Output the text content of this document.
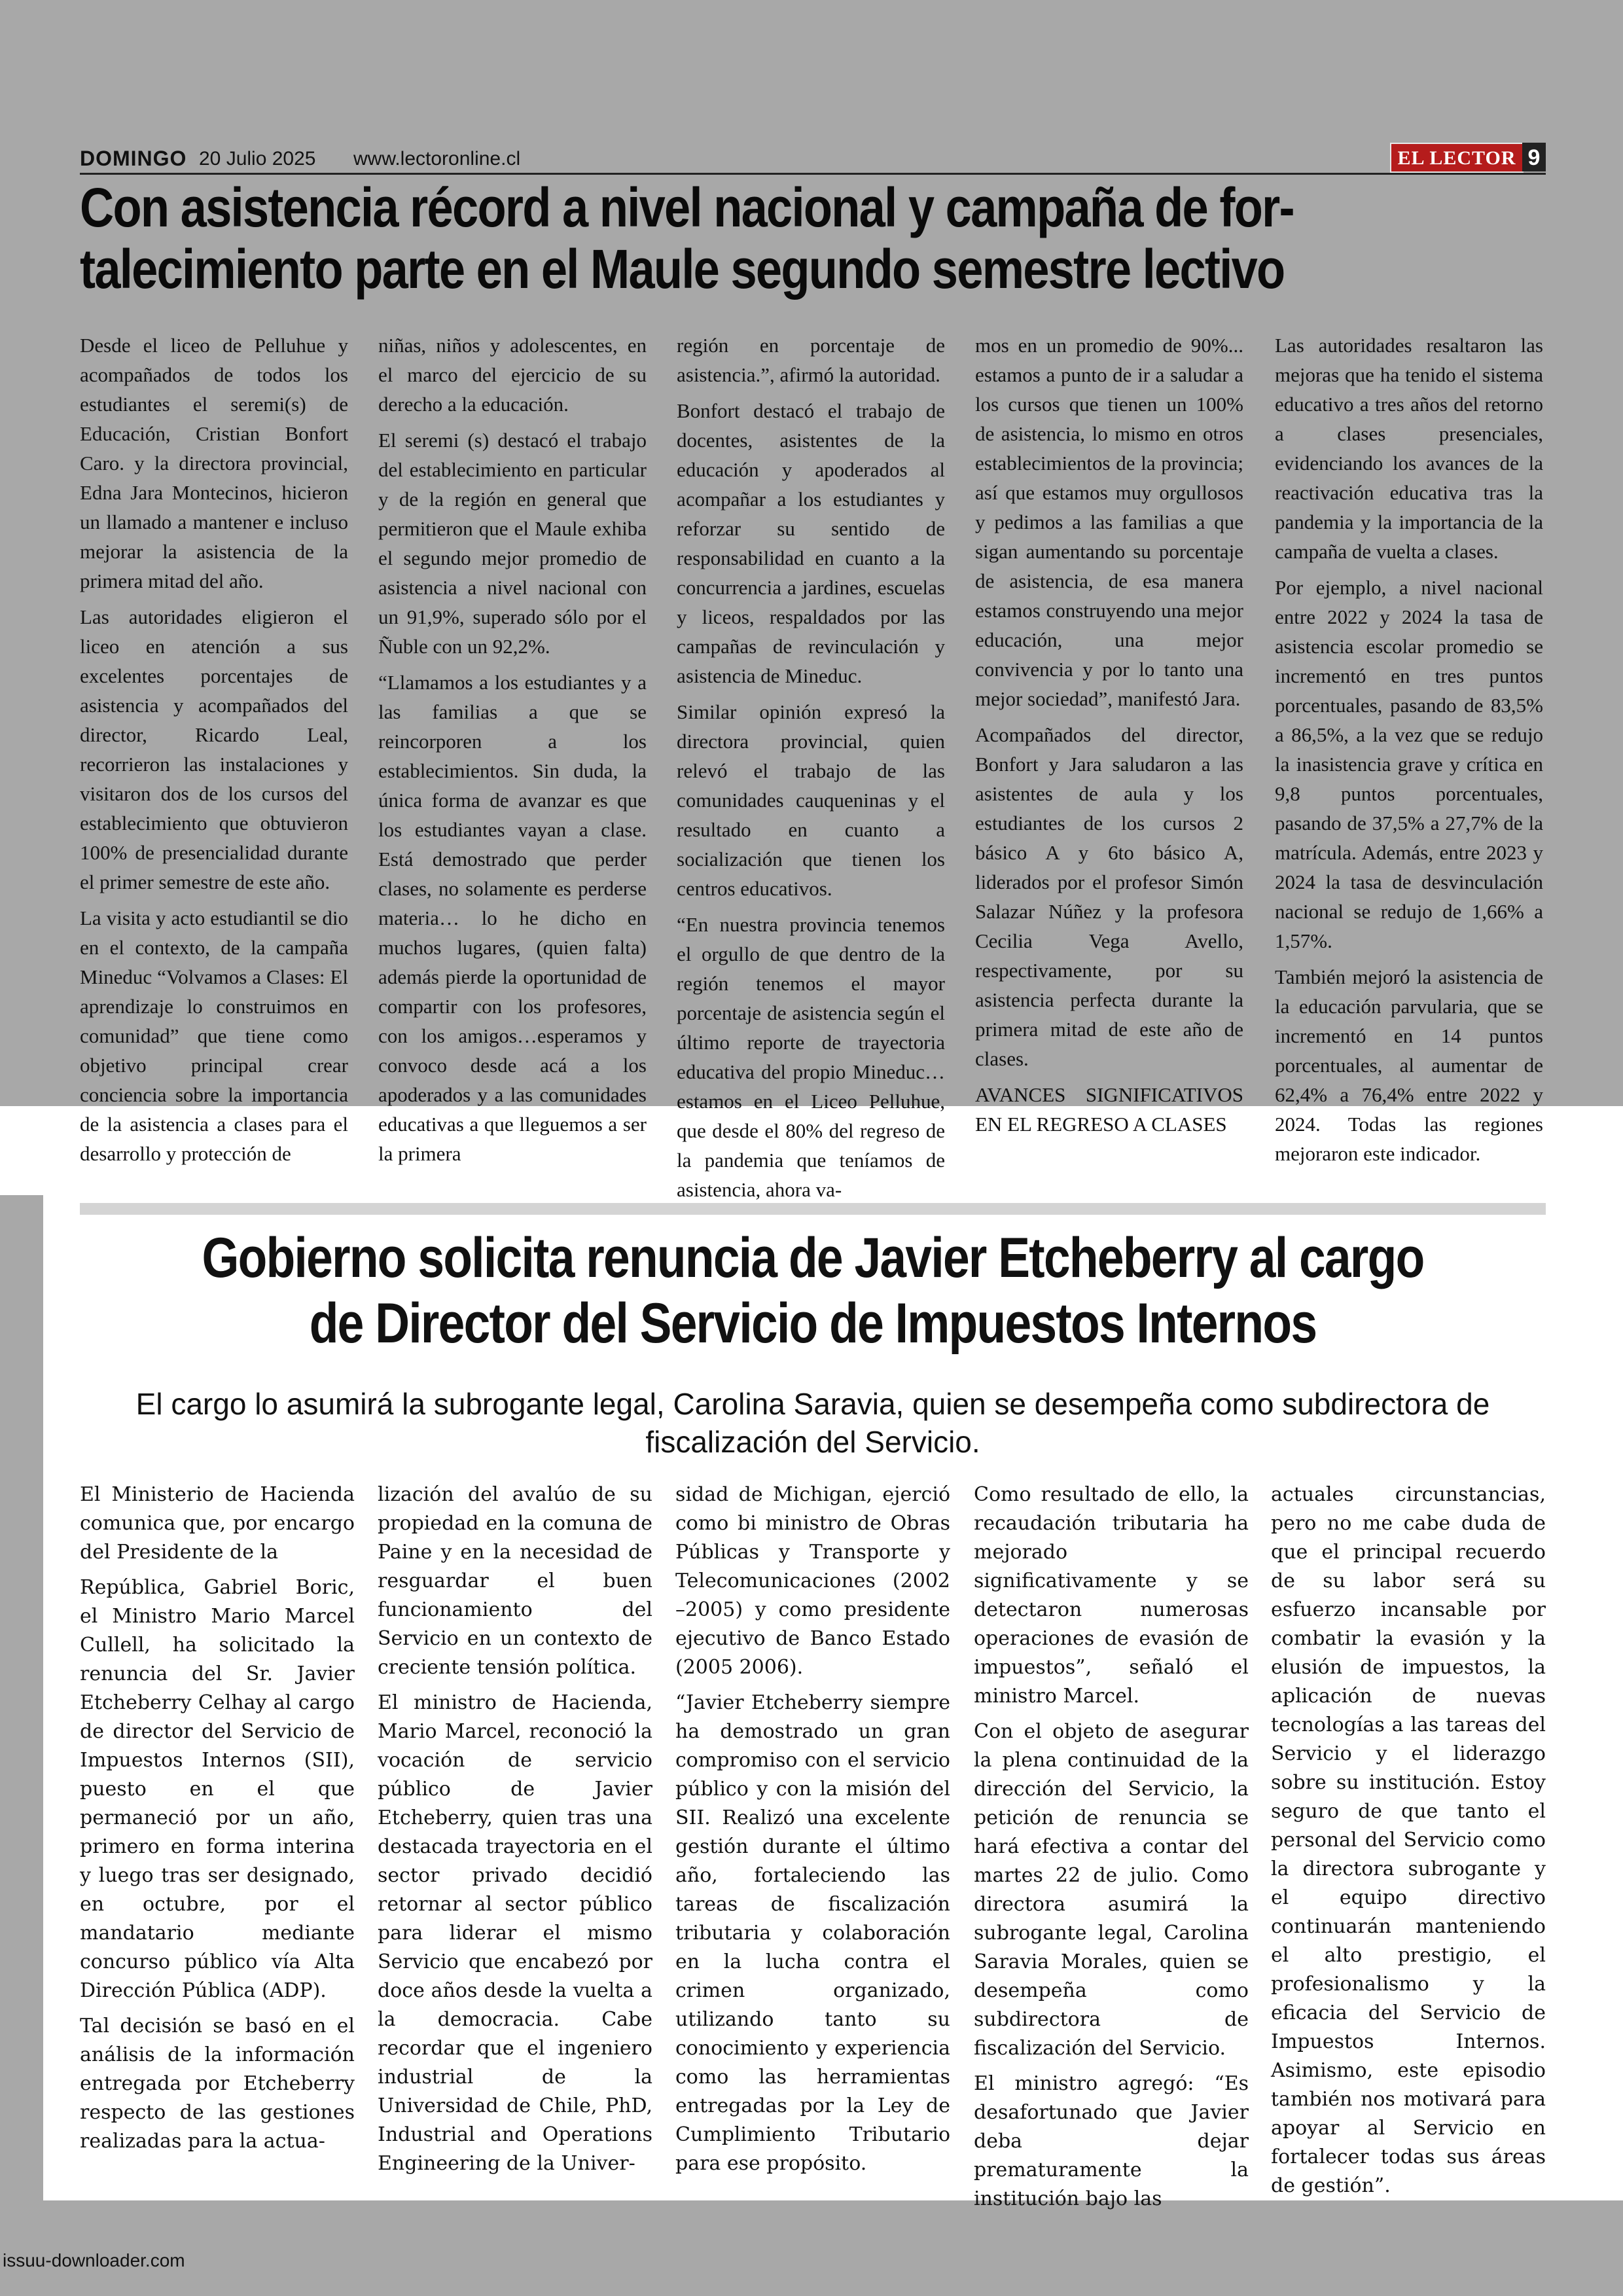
DOMINGO 20 Julio 2025 www.lectoronline.cl	EL LECTOR 9
Con asistencia récord a nivel nacional y campaña de for-
talecimiento parte en el Maule segundo semestre lectivo

Desde el liceo de Pelluhue y acompañados de todos los estudiantes el seremi(s) de Educación, Cristian Bonfort Caro. y la directora provincial, Edna Jara Montecinos, hicieron un llamado a mantener e incluso mejorar la asistencia de la primera mitad del año.

Las autoridades eligieron el liceo en atención a sus excelentes porcentajes de asistencia y acompañados del director, Ricardo Leal, recorrieron las instalaciones y visitaron dos de los cursos del establecimiento que obtuvieron 100% de presencialidad durante el primer semestre de este año.

La visita y acto estudiantil se dio en el contexto, de la campaña Mineduc “Volvamos a Clases: El aprendizaje lo construimos en comunidad” que tiene como objetivo principal crear conciencia sobre la importancia de la asistencia a clases para el desarrollo y protección de

niñas, niños y adolescentes, en el marco del ejercicio de su derecho a la educación.

El seremi (s) destacó el trabajo del establecimiento en particular y de la región en general que permitieron que el Maule exhiba el segundo mejor promedio de asistencia a nivel nacional con un 91,9%, superado sólo por el Ñuble con un 92,2%.

“Llamamos a los estudiantes y a las familias a que se reincorporen a los establecimientos. Sin duda, la única forma de avanzar es que los estudiantes vayan a clase. Está demostrado que perder clases, no solamente es perderse materia… lo he dicho en muchos lugares, (quien falta) además pierde la oportunidad de compartir con los profesores, con los amigos…esperamos y convoco desde acá a los apoderados y a las comunidades educativas a que lleguemos a ser la primera

región en porcentaje de asistencia.”, afirmó la autoridad.

Bonfort destacó el trabajo de docentes, asistentes de la educación y apoderados al acompañar a los estudiantes y reforzar su sentido de responsabilidad en cuanto a la concurrencia a jardines, escuelas y liceos, respaldados por las campañas de revinculación y asistencia de Mineduc.

Similar opinión expresó la directora provincial, quien relevó el trabajo de las comunidades cauqueninas y el resultado en cuanto a socialización que tienen los centros educativos.

“En nuestra provincia tenemos el orgullo de que dentro de la región tenemos el mayor porcentaje de asistencia según el último reporte de trayectoria educativa del propio Mineduc… estamos en el Liceo Pelluhue, que desde el 80% del regreso de la pandemia que teníamos de asistencia, ahora va-

mos en un promedio de 90%... estamos a punto de ir a saludar a los cursos que tienen un 100% de asistencia, lo mismo en otros establecimientos de la provincia; así que estamos muy orgullosos y pedimos a las familias a que sigan aumentando su porcentaje de asistencia, de esa manera estamos construyendo una mejor educación, una mejor convivencia y por lo tanto una mejor sociedad”, manifestó Jara.

Acompañados del director, Bonfort y Jara saludaron a las asistentes de aula y los estudiantes de los cursos 2 básico A y 6to básico A, liderados por el profesor Simón Salazar Núñez y la profesora Cecilia Vega Avello, respectivamente, por su asistencia perfecta durante la primera mitad de este año de clases.

AVANCES SIGNIFICATIVOS EN EL REGRESO A CLASES

Las autoridades resaltaron las mejoras que ha tenido el sistema educativo a tres años del retorno a clases presenciales, evidenciando los avances de la reactivación educativa tras la pandemia y la importancia de la campaña de vuelta a clases.

Por ejemplo, a nivel nacional entre 2022 y 2024 la tasa de asistencia escolar promedio se incrementó en tres puntos porcentuales, pasando de 83,5% a 86,5%, a la vez que se redujo la inasistencia grave y crítica en 9,8 puntos porcentuales, pasando de 37,5% a 27,7% de la matrícula. Además, entre 2023 y 2024 la tasa de desvinculación nacional se redujo de 1,66% a 1,57%.

También mejoró la asistencia de la educación parvularia, que se incrementó en 14 puntos porcentuales, al aumentar de 62,4% a 76,4% entre 2022 y 2024. Todas las regiones mejoraron este indicador.

Gobierno solicita renuncia de Javier Etcheberry al cargo
de Director del Servicio de Impuestos Internos
El cargo lo asumirá la subrogante legal, Carolina Saravia, quien se desempeña como subdirectora de fiscalización del Servicio.

El Ministerio de Hacienda comunica que, por encargo del Presidente de la

República, Gabriel Boric, el Ministro Mario Marcel Cullell, ha solicitado la renuncia del Sr. Javier Etcheberry Celhay al cargo de director del Servicio de Impuestos Internos (SII), puesto en el que permaneció por un año, primero en forma interina y luego tras ser designado, en octubre, por el mandatario mediante concurso público vía Alta Dirección Pública (ADP).

Tal decisión se basó en el análisis de la información entregada por Etcheberry respecto de las gestiones realizadas para la actua-

lización del avalúo de su propiedad en la comuna de Paine y en la necesidad de resguardar el buen funcionamiento del Servicio en un contexto de creciente tensión política.

El ministro de Hacienda, Mario Marcel, reconoció la vocación de servicio público de Javier Etcheberry, quien tras una destacada trayectoria en el sector privado decidió retornar al sector público para liderar el mismo Servicio que encabezó por doce años desde la vuelta a la democracia. Cabe recordar que el ingeniero industrial de la Universidad de Chile, PhD, Industrial and Operations Engineering de la Univer-

sidad de Michigan, ejerció como bi ministro de Obras Públicas y Transporte y Telecomunicaciones (2002 –2005) y como presidente ejecutivo de Banco Estado (2005 2006).

“Javier Etcheberry siempre ha demostrado un gran compromiso con el servicio público y con la misión del SII. Realizó una excelente gestión durante el último año, fortaleciendo las tareas de fiscalización tributaria y colaboración en la lucha contra el crimen organizado, utilizando tanto su conocimiento y experiencia como las herramientas entregadas por la Ley de Cumplimiento Tributario para ese propósito.

Como resultado de ello, la recaudación tributaria ha mejorado significativamente y se detectaron numerosas operaciones de evasión de impuestos”, señaló el ministro Marcel.

Con el objeto de asegurar la plena continuidad de la dirección del Servicio, la petición de renuncia se hará efectiva a contar del martes 22 de julio. Como directora asumirá la subrogante legal, Carolina Saravia Morales, quien se desempeña como subdirectora de fiscalización del Servicio.

El ministro agregó: “Es desafortunado que Javier deba dejar prematuramente la institución bajo las

actuales circunstancias, pero no me cabe duda de que el principal recuerdo de su labor será su esfuerzo incansable por combatir la evasión y la elusión de impuestos, la aplicación de nuevas tecnologías a las tareas del Servicio y el liderazgo sobre su institución. Estoy seguro de que tanto el personal del Servicio como la directora subrogante y el equipo directivo continuarán manteniendo el alto prestigio, el profesionalismo y la eficacia del Servicio de Impuestos Internos. Asimismo, este episodio también nos motivará para apoyar al Servicio en fortalecer todas sus áreas de gestión”.

issuu-downloader.com
